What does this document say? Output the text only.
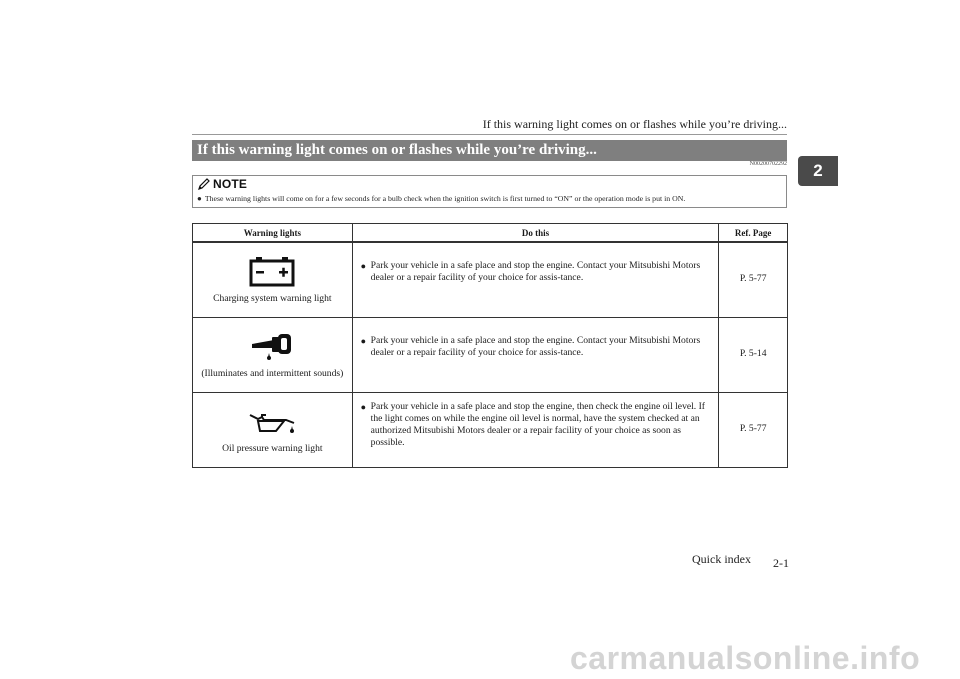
If this warning light comes on or flashes while you’re driving...
2
If this warning light comes on or flashes while you’re driving...
N00200702292
NOTE
● These warning lights will come on for a few seconds for a bulb check when the ignition switch is first turned to “ON” or the operation mode is put in ON.
Warning lights	Do this	Ref. Page

Charging system warning light	● Park your vehicle in a safe place and stop the engine. Contact your Mitsubishi Motors dealer or a repair facility of your choice for assis-tance.	P. 5-77

(Illuminates and intermittent sounds)	● Park your vehicle in a safe place and stop the engine. Contact your Mitsubishi Motors dealer or a repair facility of your choice for assis-tance.	P. 5-14

Oil pressure warning light	● Park your vehicle in a safe place and stop the engine, then check the engine oil level. If the light comes on while the engine oil level is normal, have the system checked at an authorized Mitsubishi Motors dealer or a repair facility of your choice as soon as possible.	P. 5-77
Quick index 2-1
carmanualsonline.info
